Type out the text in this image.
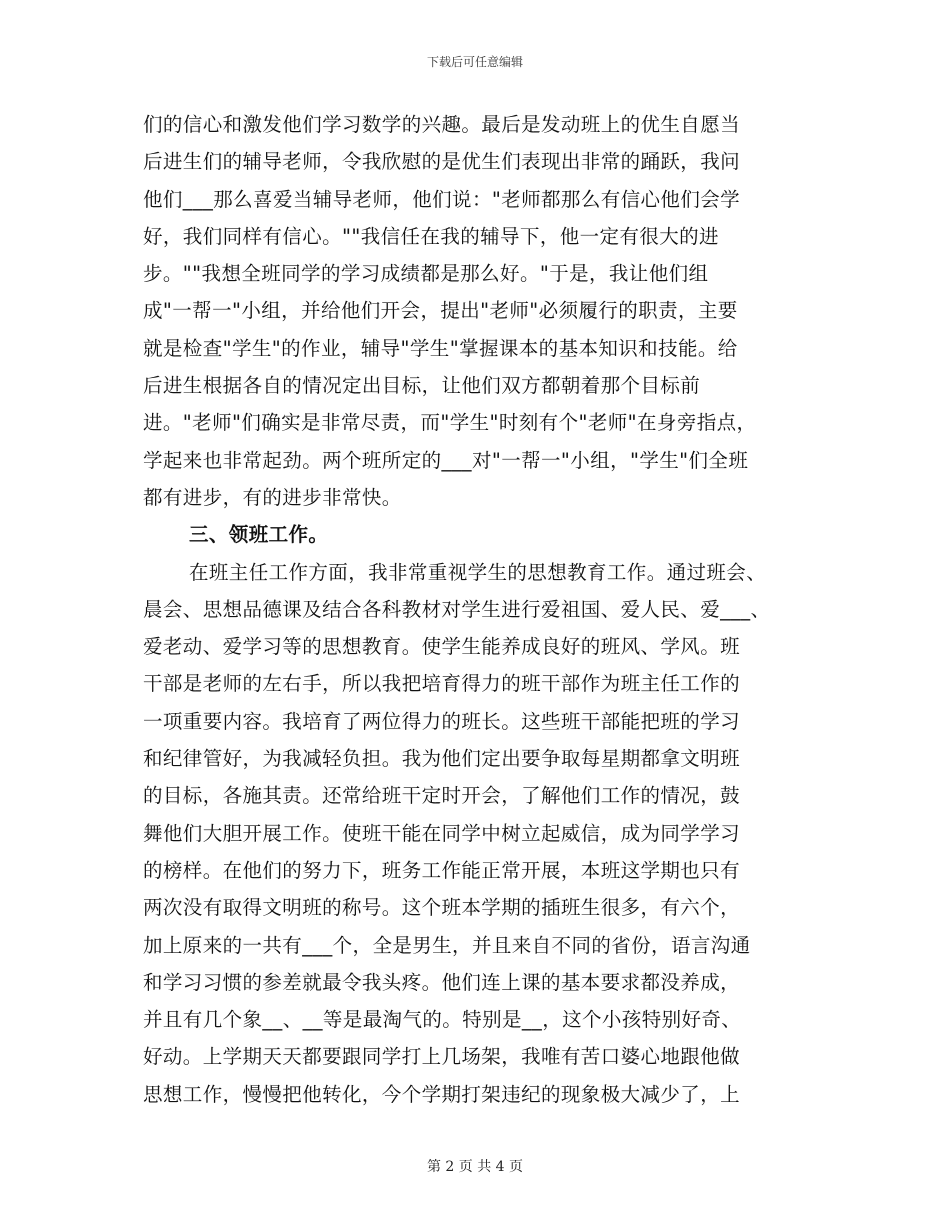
下载后可任意编辑
们的信心和激发他们学习数学的兴趣。最后是发动班上的优生自愿当
后进生们的辅导老师，令我欣慰的是优生们表现出非常的踊跃，我问
他们___那么喜爱当辅导老师，他们说："老师都那么有信心他们会学
好，我们同样有信心。""我信任在我的辅导下，他一定有很大的进
步。""我想全班同学的学习成绩都是那么好。"于是，我让他们组
成"一帮一"小组，并给他们开会，提出"老师"必须履行的职责，主要
就是检查"学生"的作业，辅导"学生"掌握课本的基本知识和技能。给
后进生根据各自的情况定出目标，让他们双方都朝着那个目标前
进。"老师"们确实是非常尽责，而"学生"时刻有个"老师"在身旁指点，
学起来也非常起劲。两个班所定的___对"一帮一"小组，"学生"们全班
都有进步，有的进步非常快。
三、领班工作。
在班主任工作方面，我非常重视学生的思想教育工作。通过班会、
晨会、思想品德课及结合各科教材对学生进行爱祖国、爱人民、爱___、
爱老动、爱学习等的思想教育。使学生能养成良好的班风、学风。班
干部是老师的左右手，所以我把培育得力的班干部作为班主任工作的
一项重要内容。我培育了两位得力的班长。这些班干部能把班的学习
和纪律管好，为我减轻负担。我为他们定出要争取每星期都拿文明班
的目标，各施其责。还常给班干定时开会，了解他们工作的情况，鼓
舞他们大胆开展工作。使班干能在同学中树立起威信，成为同学学习
的榜样。在他们的努力下，班务工作能正常开展，本班这学期也只有
两次没有取得文明班的称号。这个班本学期的插班生很多，有六个，
加上原来的一共有___个，全是男生，并且来自不同的省份，语言沟通
和学习习惯的参差就最令我头疼。他们连上课的基本要求都没养成，
并且有几个象__、__等是最淘气的。特别是__，这个小孩特别好奇、
好动。上学期天天都要跟同学打上几场架，我唯有苦口婆心地跟他做
思想工作，慢慢把他转化，今个学期打架违纪的现象极大减少了，上
第 2 页 共 4 页
